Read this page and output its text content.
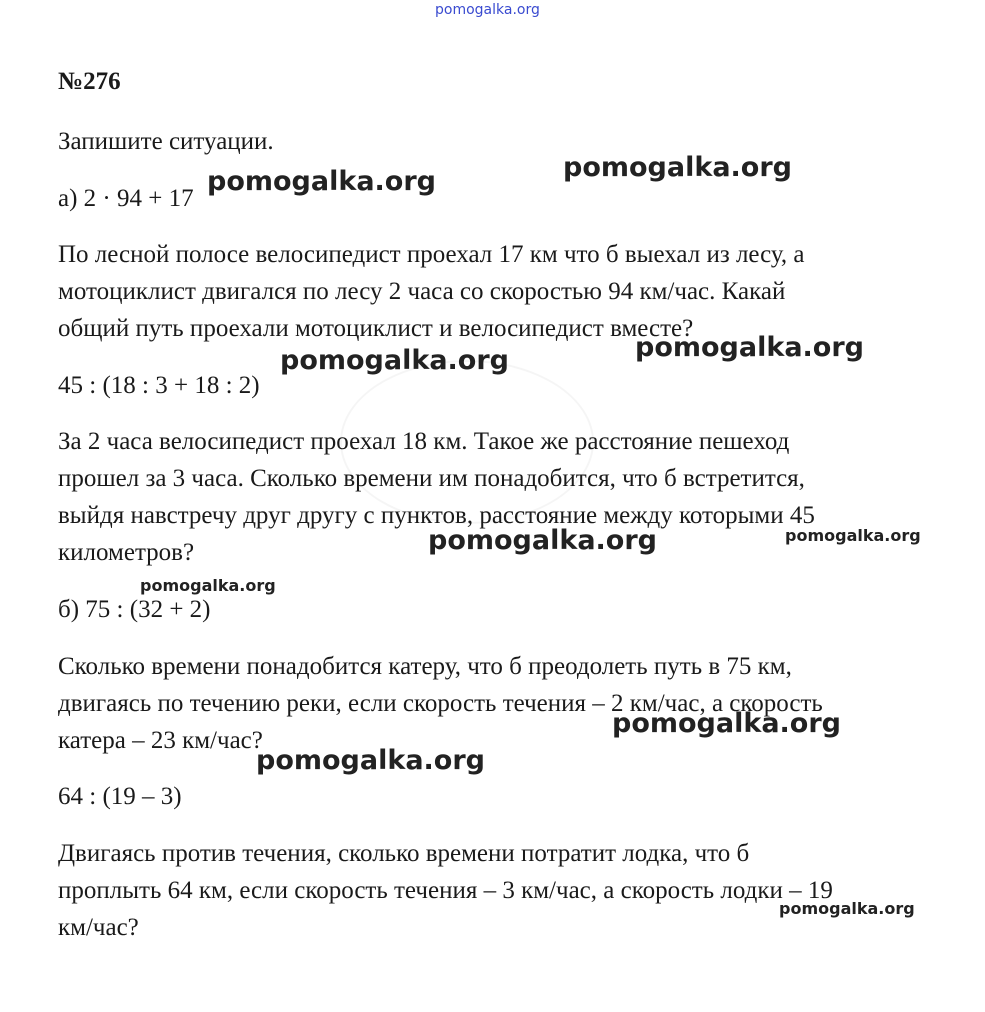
pomogalka.org
№276
Запишите ситуации.
а) 2 · 94 + 17
По лесной полосе велосипедист проехал 17 км что б выехал из лесу, а
мотоциклист двигался по лесу 2 часа со скоростью 94 км/час. Какай
общий путь проехали мотоциклист и велосипедист вместе?
45 : (18 : 3 + 18 : 2)
За 2 часа велосипедист проехал 18 км. Такое же расстояние пешеход
прошел за 3 часа. Сколько времени им понадобится, что б встретится,
выйдя навстречу друг другу с пунктов, расстояние между которыми 45
километров?
б) 75 : (32 + 2)
Сколько времени понадобится катеру, что б преодолеть путь в 75 км,
двигаясь по течению реки, если скорость течения – 2 км/час, а скорость
катера – 23 км/час?
64 : (19 – 3)
Двигаясь против течения, сколько времени потратит лодка, что б
проплыть 64 км, если скорость течения – 3 км/час, а скорость лодки – 19
км/час?
pomogalka.org	pomogalka.org
pomogalka.org	pomogalka.org
pomogalka.org	pomogalka.org
pomogalka.org
pomogalka.org
pomogalka.org
pomogalka.org
